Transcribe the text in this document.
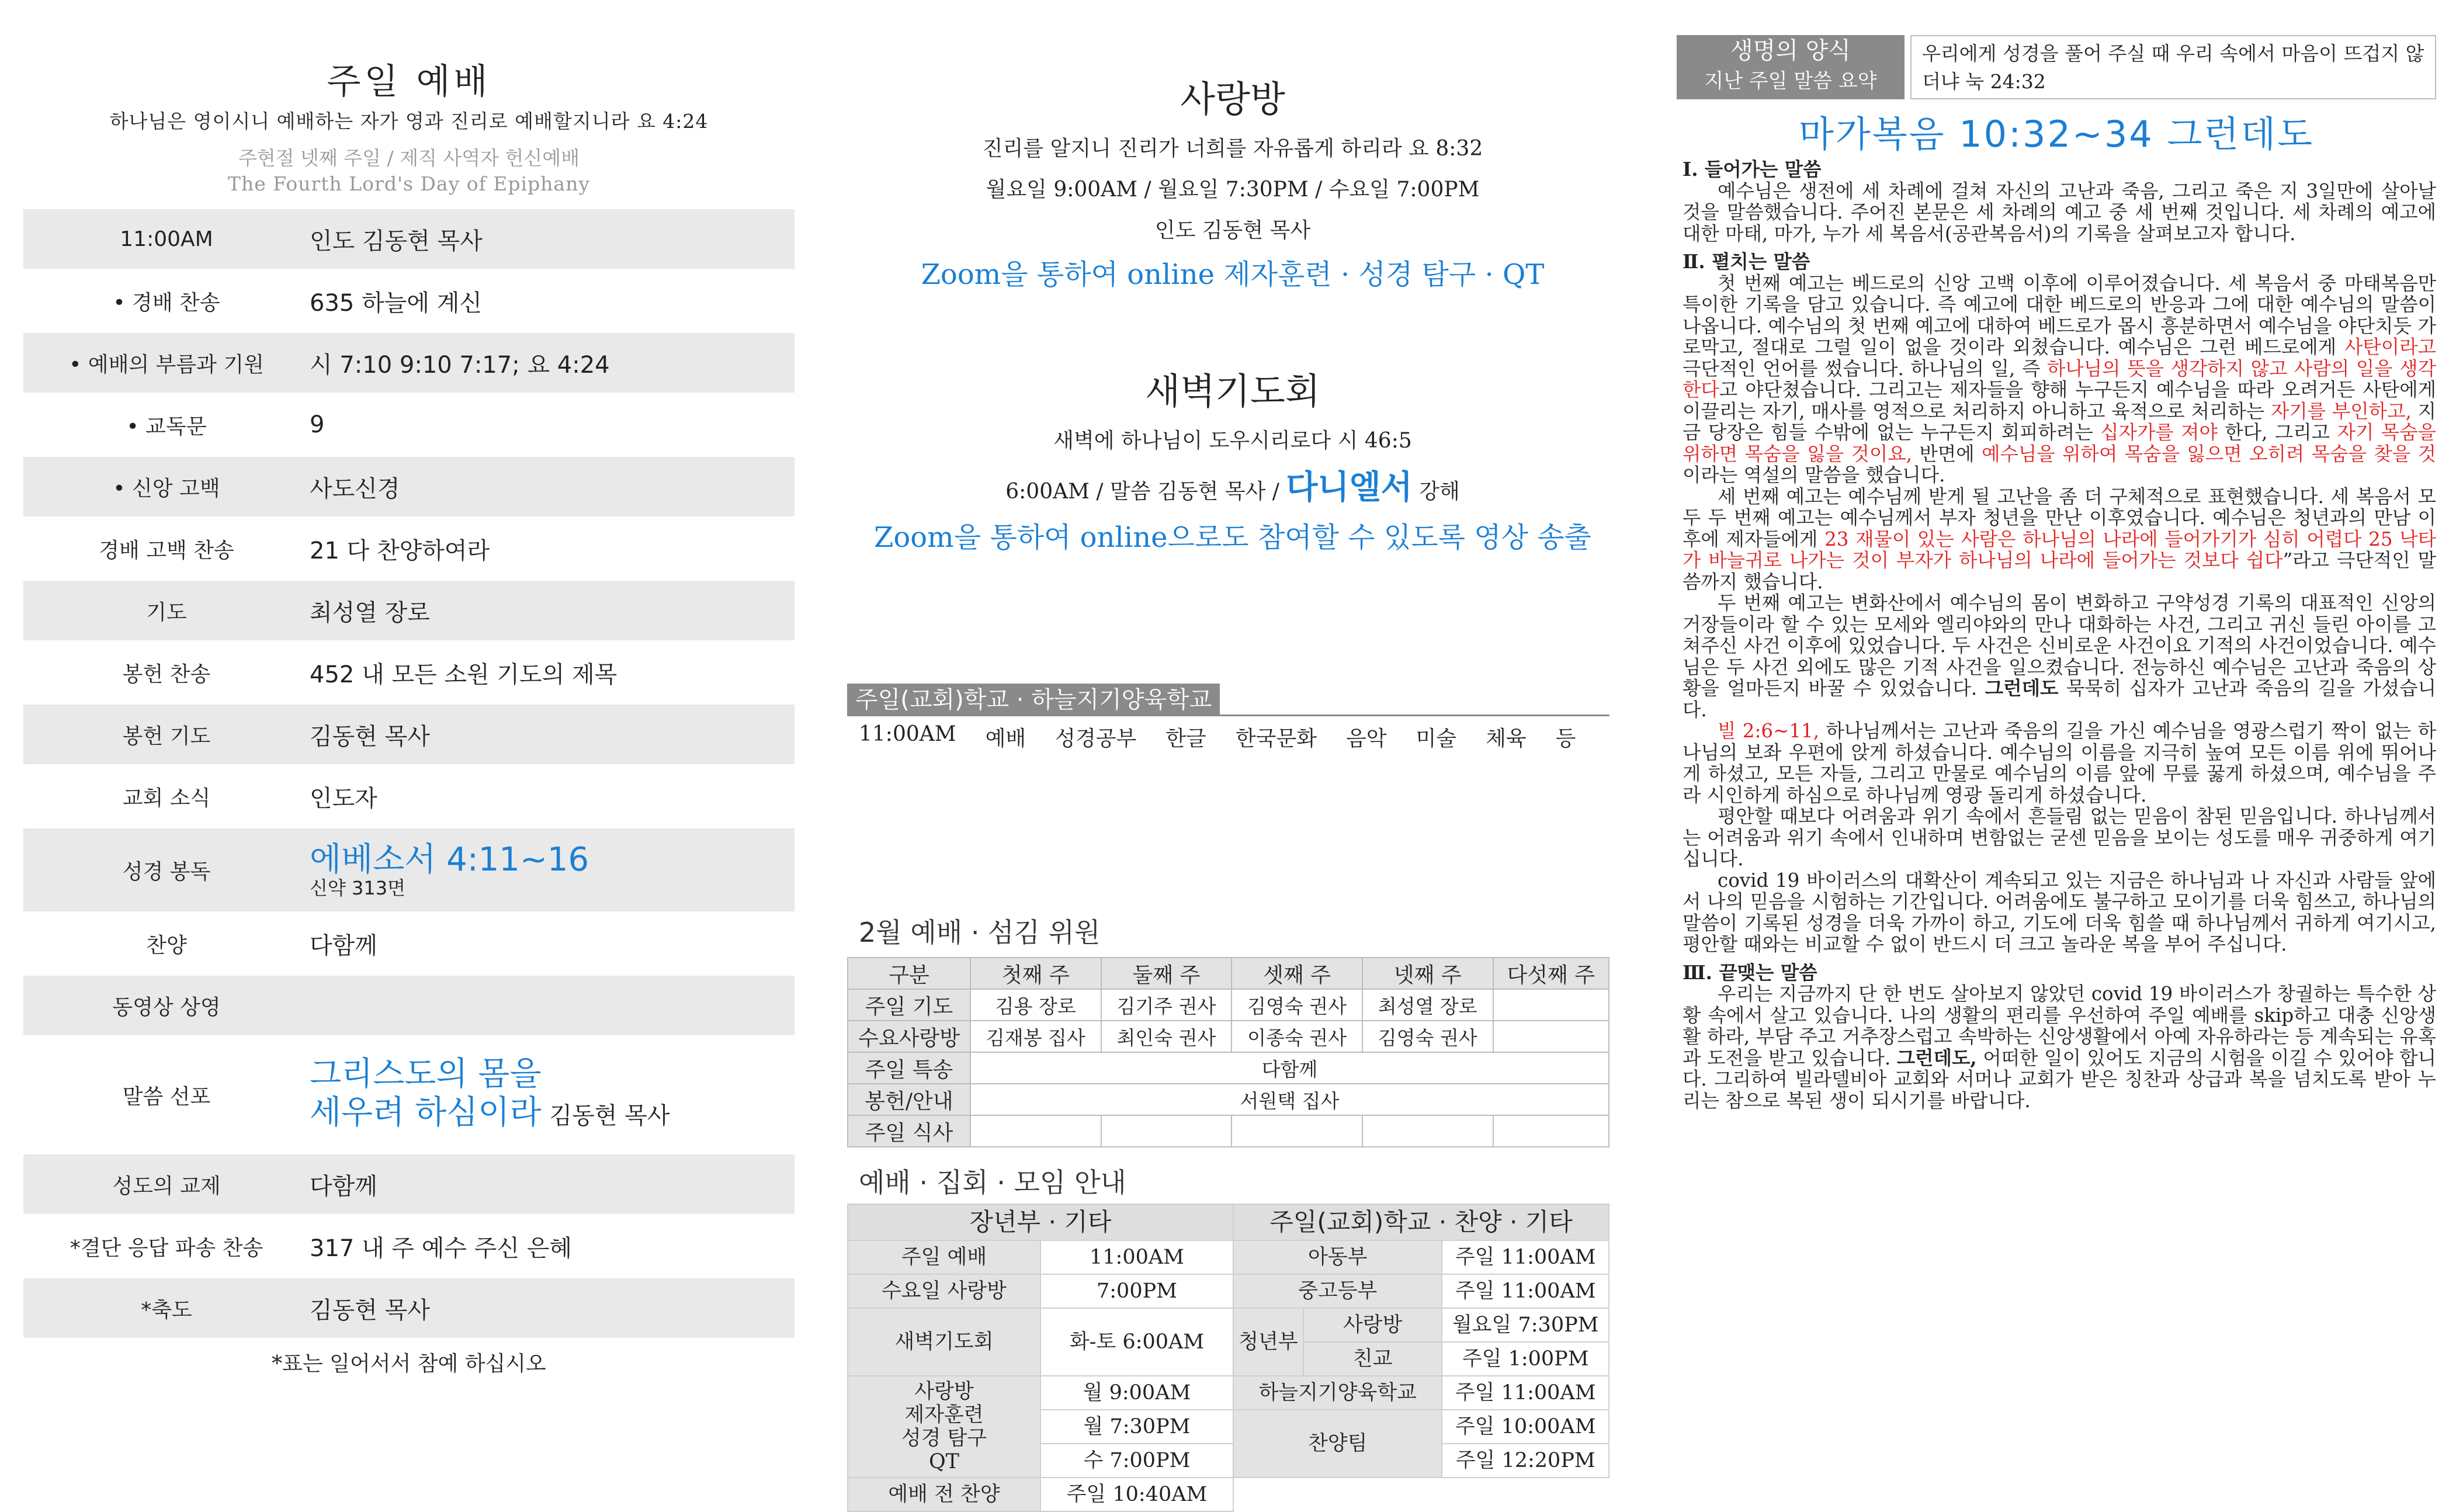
주일 예배
하나님은 영이시니 예배하는 자가 영과 진리로 예배할지니라 요 4:24
주현절 넷째 주일 / 제직 사역자 헌신예배
The Fourth Lord's Day of Epiphany
11:00AM	인도 김동현 목사
• 경배 찬송	635 하늘에 계신
• 예배의 부름과 기원	시 7:10 9:10 7:17; 요 4:24
• 교독문	9
• 신앙 고백	사도신경
경배 고백 찬송	21 다 찬양하여라
기도	최성열 장로
봉헌 찬송	452 내 모든 소원 기도의 제목
봉헌 기도	김동현 목사
교회 소식	인도자
성경 봉독	에베소서 4:11~16
신약 313면
찬양	다함께
동영상 상영
말씀 선포
그리스도의 몸을
세우려 하심이라 김동현 목사
성도의 교제	다함께
*결단 응답 파송 찬송	317 내 주 예수 주신 은혜
*축도	김동현 목사
*표는 일어서서 참예 하십시오
사랑방
진리를 알지니 진리가 너희를 자유롭게 하리라 요 8:32
월요일 9:00AM / 월요일 7:30PM / 수요일 7:00PM
인도 김동현 목사
Zoom을 통하여 online 제자훈련 · 성경 탐구 · QT
새벽기도회
새벽에 하나님이 도우시리로다 시 46:5
6:00AM / 말씀 김동현 목사 / 다니엘서 강해
Zoom을 통하여 online으로도 참여할 수 있도록 영상 송출
주일(교회)학교 · 하늘지기양육학교
11:00AM 예배 성경공부 한글 한국문화 음악 미술 체육 등
2월 예배 · 섬김 위원
구분	첫째 주	둘째 주	셋째 주	넷째 주	다섯째 주
주일 기도	김용 장로	김기주 권사	김영숙 권사	최성열 장로	
수요사랑방	김재봉 집사	최인숙 권사	이종숙 권사	김영숙 권사	
주일 특송	다함께				
봉헌/안내	서원택 집사				
주일 식사					
예배 · 집회 · 모임 안내
장년부 · 기타		주일(교회)학교 · 찬양 · 기타		
주일 예배	11:00AM	아동부		주일 11:00AM
수요일 사랑방	7:00PM	중고등부		주일 11:00AM
새벽기도회	화-토 6:00AM	청년부	사랑방	월요일 7:30PM
			친교	주일 1:00PM
사랑방
제자훈련
성경 탐구
QT	월 9:00AM	하늘지기양육학교		주일 11:00AM
	월 7:30PM	찬양팀		주일 10:00AM
	수 7:00PM			주일 12:20PM
예배 전 찬양	주일 10:40AM			
생명의 양식
지난 주일 말씀 요약
우리에게 성경을 풀어 주실 때 우리 속에서 마음이 뜨겁지 않더냐 눅 24:32
마가복음 10:32~34 그런데도
Ⅰ. 들어가는 말씀

예수님은 생전에 세 차례에 걸쳐 자신의 고난과 죽음, 그리고 죽은 지 3일만에 살아날 것을 말씀했습니다. 주어진 본문은 세 차례의 예고 중 세 번째 것입니다. 세 차례의 예고에 대한 마태, 마가, 누가 세 복음서(공관복음서)의 기록을 살펴보고자 합니다.

Ⅱ. 펼치는 말씀

첫 번째 예고는 베드로의 신앙 고백 이후에 이루어졌습니다. 세 복음서 중 마태복음만 특이한 기록을 담고 있습니다. 즉 예고에 대한 베드로의 반응과 그에 대한 예수님의 말씀이 나옵니다. 예수님의 첫 번째 예고에 대하여 베드로가 몹시 흥분하면서 예수님을 야단치듯 가로막고, 절대로 그럴 일이 없을 것이라 외쳤습니다. 예수님은 그런 베드로에게 사탄이라고 극단적인 언어를 썼습니다. 하나님의 일, 즉 하나님의 뜻을 생각하지 않고 사람의 일을 생각한다고 야단쳤습니다. 그리고는 제자들을 향해 누구든지 예수님을 따라 오려거든 사탄에게 이끌리는 자기, 매사를 영적으로 처리하지 아니하고 육적으로 처리하는 자기를 부인하고, 지금 당장은 힘들 수밖에 없는 누구든지 회피하려는 십자가를 져야 한다, 그리고 자기 목숨을 위하면 목숨을 잃을 것이요, 반면에 예수님을 위하여 목숨을 잃으면 오히려 목숨을 찾을 것이라는 역설의 말씀을 했습니다.

세 번째 예고는 예수님께 받게 될 고난을 좀 더 구체적으로 표현했습니다. 세 복음서 모두 두 번째 예고는 예수님께서 부자 청년을 만난 이후였습니다. 예수님은 청년과의 만남 이후에 제자들에게 23 재물이 있는 사람은 하나님의 나라에 들어가기가 심히 어렵다 25 낙타가 바늘귀로 나가는 것이 부자가 하나님의 나라에 들어가는 것보다 쉽다”라고 극단적인 말씀까지 했습니다.

두 번째 예고는 변화산에서 예수님의 몸이 변화하고 구약성경 기록의 대표적인 신앙의 거장들이라 할 수 있는 모세와 엘리야와의 만나 대화하는 사건, 그리고 귀신 들린 아이를 고쳐주신 사건 이후에 있었습니다. 두 사건은 신비로운 사건이요 기적의 사건이었습니다. 예수님은 두 사건 외에도 많은 기적 사건을 일으켰습니다. 전능하신 예수님은 고난과 죽음의 상황을 얼마든지 바꿀 수 있었습니다. 그런데도 묵묵히 십자가 고난과 죽음의 길을 가셨습니다.

빌 2:6~11, 하나님께서는 고난과 죽음의 길을 가신 예수님을 영광스럽기 짝이 없는 하나님의 보좌 우편에 앉게 하셨습니다. 예수님의 이름을 지극히 높여 모든 이름 위에 뛰어나게 하셨고, 모든 자들, 그리고 만물로 예수님의 이름 앞에 무릎 꿇게 하셨으며, 예수님을 주라 시인하게 하심으로 하나님께 영광 돌리게 하셨습니다.

평안할 때보다 어려움과 위기 속에서 흔들림 없는 믿음이 참된 믿음입니다. 하나님께서는 어려움과 위기 속에서 인내하며 변함없는 굳센 믿음을 보이는 성도를 매우 귀중하게 여기십니다.

covid 19 바이러스의 대확산이 계속되고 있는 지금은 하나님과 나 자신과 사람들 앞에서 나의 믿음을 시험하는 기간입니다. 어려움에도 불구하고 모이기를 더욱 힘쓰고, 하나님의 말씀이 기록된 성경을 더욱 가까이 하고, 기도에 더욱 힘쓸 때 하나님께서 귀하게 여기시고, 평안할 때와는 비교할 수 없이 반드시 더 크고 놀라운 복을 부어 주십니다.

Ⅲ. 끝맺는 말씀

우리는 지금까지 단 한 번도 살아보지 않았던 covid 19 바이러스가 창궐하는 특수한 상황 속에서 살고 있습니다. 나의 생활의 편리를 우선하여 주일 예배를 skip하고 대충 신앙생활 하라, 부담 주고 거추장스럽고 속박하는 신앙생활에서 아예 자유하라는 등 계속되는 유혹과 도전을 받고 있습니다. 그런데도, 어떠한 일이 있어도 지금의 시험을 이길 수 있어야 합니다. 그리하여 빌라델비아 교회와 서머나 교회가 받은 칭찬과 상급과 복을 넘치도록 받아 누리는 참으로 복된 생이 되시기를 바랍니다.
